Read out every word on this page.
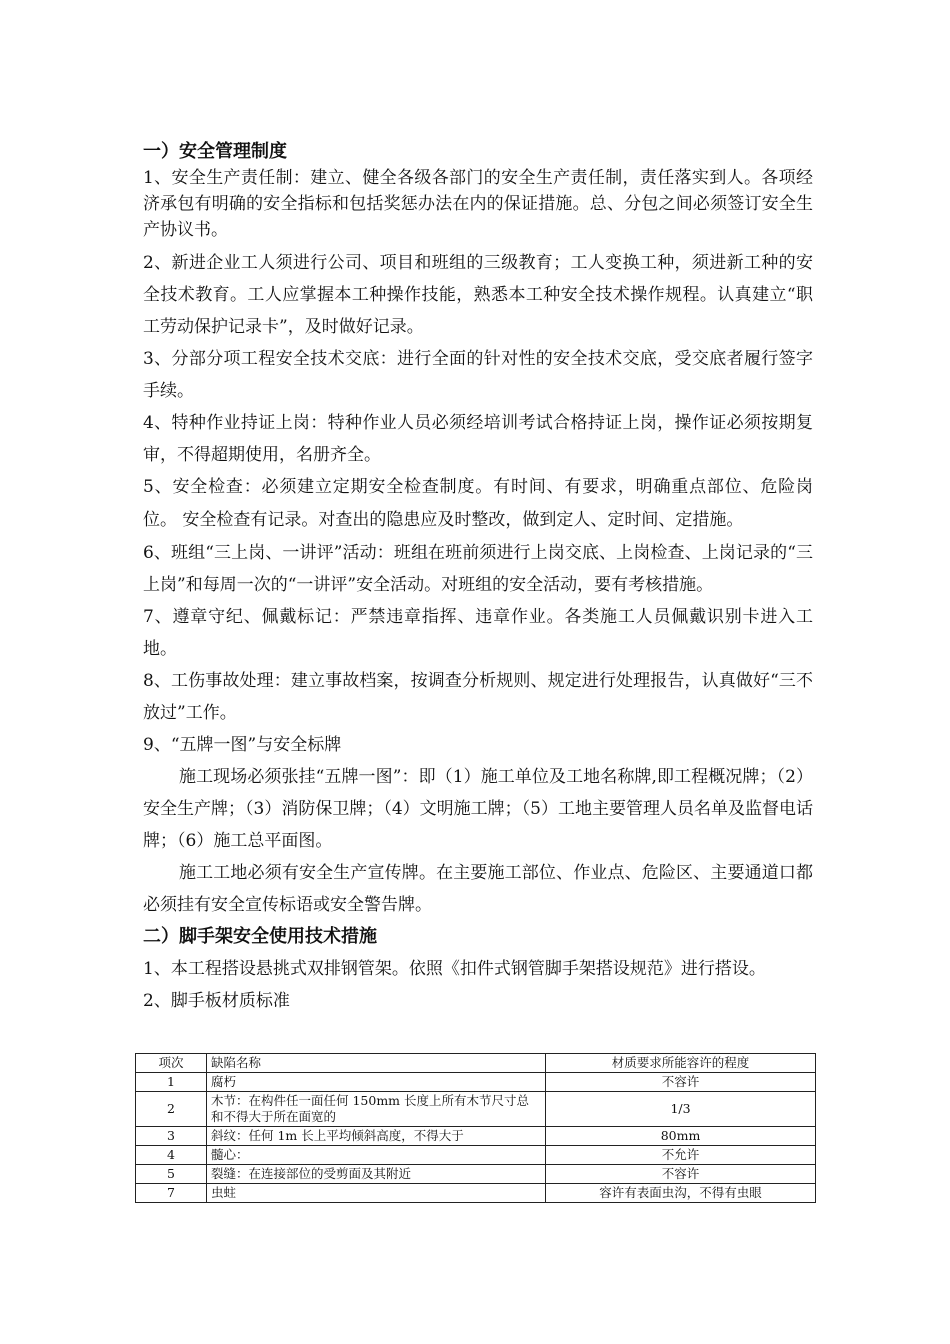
一）安全管理制度

1、安全生产责任制：建立、健全各级各部门的安全生产责任制，责任落实到人。各项经济承包有明确的安全指标和包括奖惩办法在内的保证措施。总、分包之间必须签订安全生产协议书。

2、新进企业工人须进行公司、项目和班组的三级教育；工人变换工种，须进新工种的安全技术教育。工人应掌握本工种操作技能，熟悉本工种安全技术操作规程。认真建立“职工劳动保护记录卡”，及时做好记录。

3、分部分项工程安全技术交底：进行全面的针对性的安全技术交底，受交底者履行签字手续。

4、特种作业持证上岗：特种作业人员必须经培训考试合格持证上岗，操作证必须按期复审，不得超期使用，名册齐全。

5、安全检查：必须建立定期安全检查制度。有时间、有要求，明确重点部位、危险岗位。 安全检查有记录。对查出的隐患应及时整改，做到定人、定时间、定措施。

6、班组“三上岗、一讲评”活动：班组在班前须进行上岗交底、上岗检查、上岗记录的“三上岗”和每周一次的“一讲评”安全活动。对班组的安全活动，要有考核措施。

7、遵章守纪、佩戴标记：严禁违章指挥、违章作业。各类施工人员佩戴识别卡进入工地。

8、工伤事故处理：建立事故档案，按调查分析规则、规定进行处理报告，认真做好“三不放过”工作。

9、“五牌一图”与安全标牌

施工现场必须张挂“五牌一图”：即（1）施工单位及工地名称牌,即工程概况牌；（2）安全生产牌；（3）消防保卫牌；（4）文明施工牌；（5）工地主要管理人员名单及监督电话牌；（6）施工总平面图。

施工工地必须有安全生产宣传牌。在主要施工部位、作业点、危险区、主要通道口都必须挂有安全宣传标语或安全警告牌。

二）脚手架安全使用技术措施

1、本工程搭设悬挑式双排钢管架。依照《扣件式钢管脚手架搭设规范》进行搭设。

2、脚手板材质标准

项次	缺陷名称	材质要求所能容许的程度
1	腐朽	不容许
2	木节：在构件任一面任何 150mm 长度上所有木节尺寸总和不得大于所在面宽的	1/3
3	斜纹：任何 1m 长上平均倾斜高度，不得大于	80mm
4	髓心：	不允许
5	裂缝：在连接部位的受剪面及其附近	不容许
7	虫蛀	容许有表面虫沟，不得有虫眼
